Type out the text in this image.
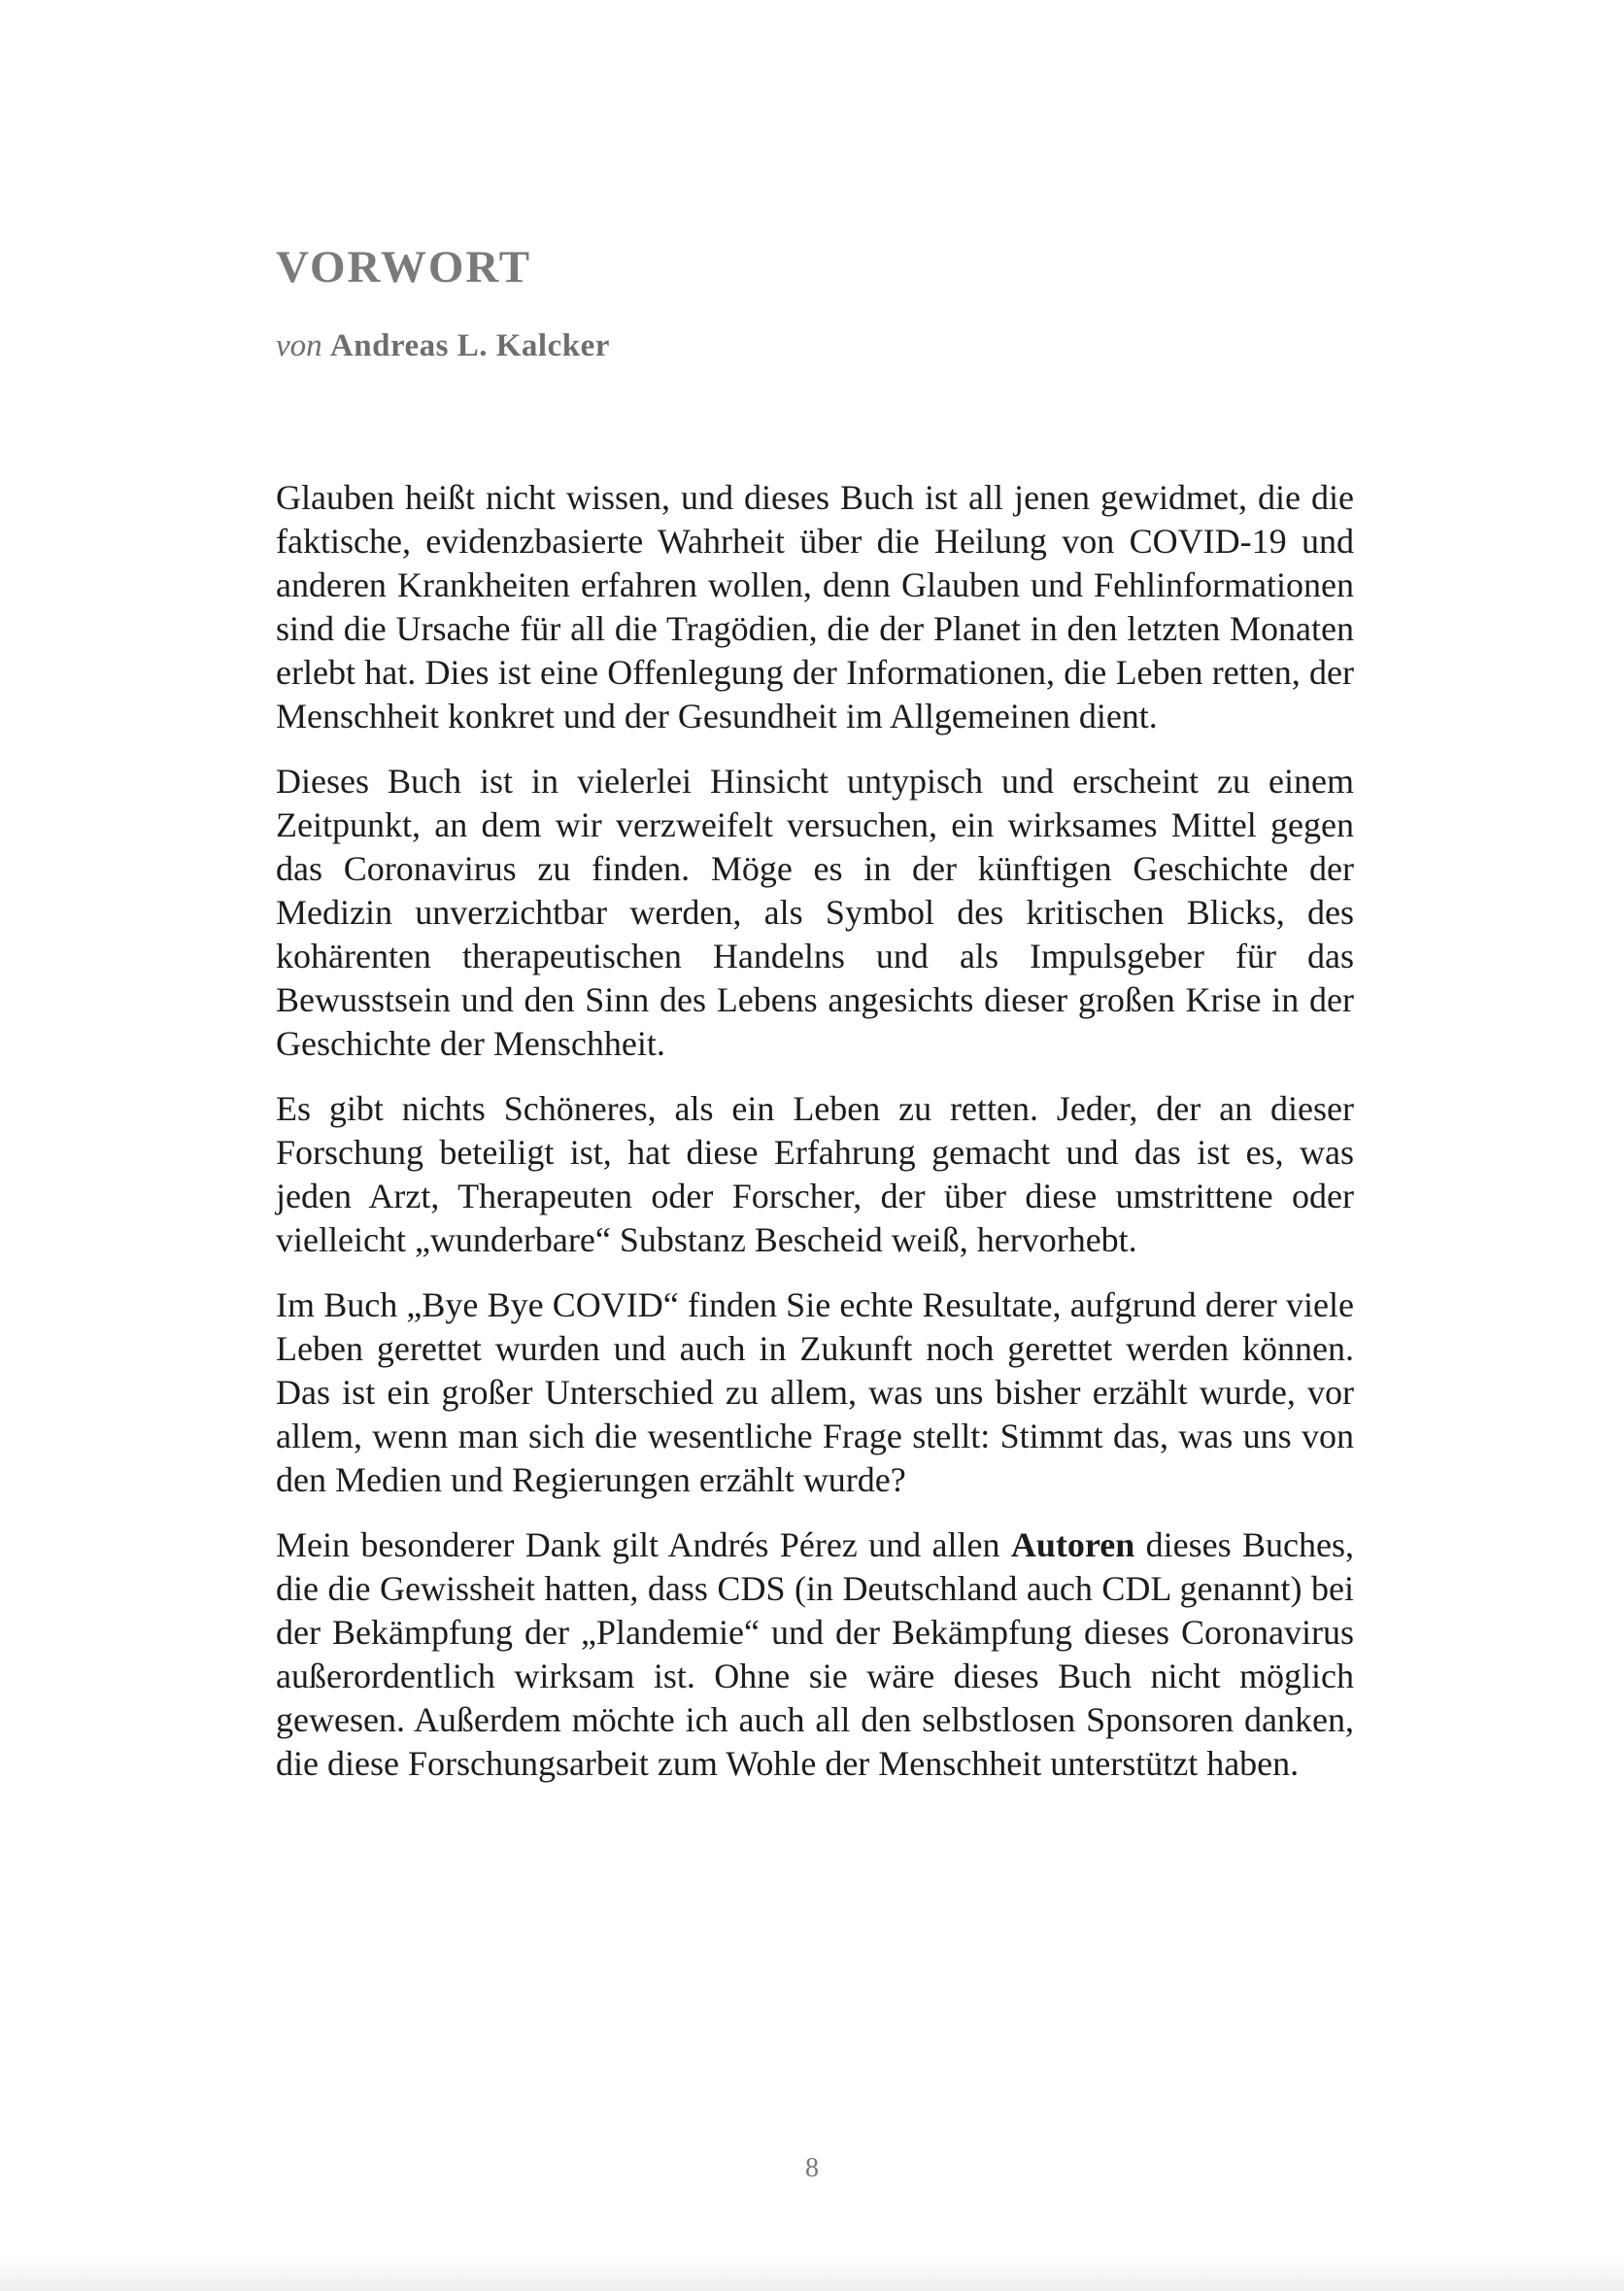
VORWORT

von Andreas L. Kalcker

Glauben heißt nicht wissen, und dieses Buch ist all jenen gewidmet, die die faktische, evidenzbasierte Wahrheit über die Heilung von COVID-19 und anderen Krankheiten erfahren wollen, denn Glauben und Fehlinformationen sind die Ursache für all die Tragödien, die der Planet in den letzten Monaten erlebt hat. Dies ist eine Offenlegung der Informationen, die Leben retten, der Menschheit konkret und der Gesundheit im Allgemeinen dient.

Dieses Buch ist in vielerlei Hinsicht untypisch und erscheint zu einem Zeitpunkt, an dem wir verzweifelt versuchen, ein wirksames Mittel gegen das Coronavirus zu finden. Möge es in der künftigen Geschichte der Medizin unverzichtbar werden, als Symbol des kritischen Blicks, des kohärenten therapeutischen Handelns und als Impulsgeber für das Bewusstsein und den Sinn des Lebens angesichts dieser großen Krise in der Geschichte der Menschheit.

Es gibt nichts Schöneres, als ein Leben zu retten. Jeder, der an dieser Forschung beteiligt ist, hat diese Erfahrung gemacht und das ist es, was jeden Arzt, Therapeuten oder Forscher, der über diese umstrittene oder vielleicht „wunderbare“ Substanz Bescheid weiß, hervorhebt.

Im Buch „Bye Bye COVID“ finden Sie echte Resultate, aufgrund derer viele Leben gerettet wurden und auch in Zukunft noch gerettet werden können. Das ist ein großer Unterschied zu allem, was uns bisher erzählt wurde, vor allem, wenn man sich die wesentliche Frage stellt: Stimmt das, was uns von den Medien und Regierungen erzählt wurde?

Mein besonderer Dank gilt Andrés Pérez und allen Autoren dieses Buches, die die Gewissheit hatten, dass CDS (in Deutschland auch CDL genannt) bei der Bekämpfung der „Plandemie“ und der Bekämpfung dieses Coronavirus außerordentlich wirksam ist. Ohne sie wäre dieses Buch nicht möglich gewesen. Außerdem möchte ich auch all den selbstlosen Sponsoren danken, die diese Forschungsarbeit zum Wohle der Menschheit unterstützt haben.

8
